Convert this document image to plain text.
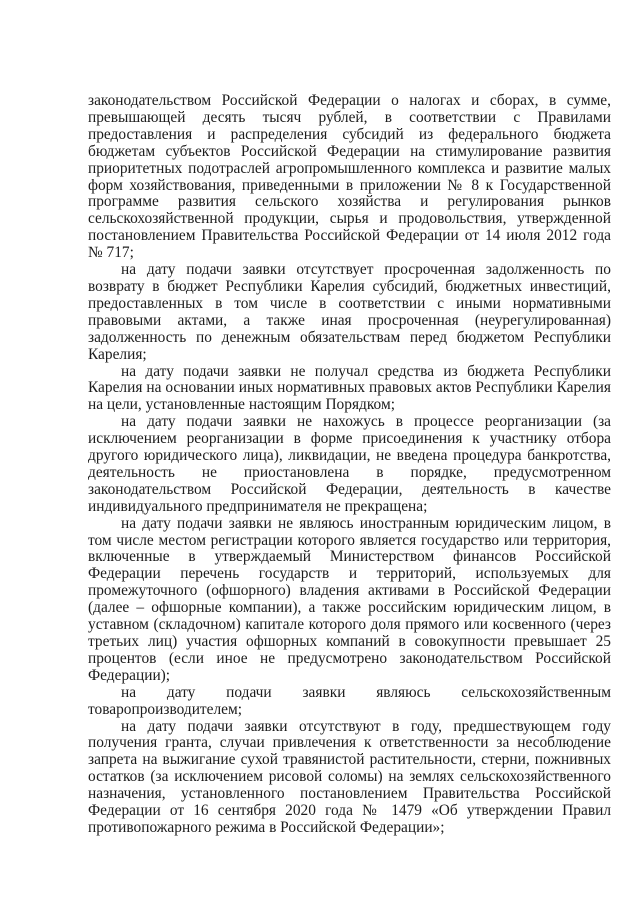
законодательством Российской Федерации о налогах и сборах, в сумме, превышающей десять тысяч рублей, в соответствии с Правилами предоставления и распределения субсидий из федерального бюджета бюджетам субъектов Российской Федерации на стимулирование развития приоритетных подотраслей агропромышленного комплекса и развитие малых форм хозяйствования, приведенными в приложении № 8 к Государственной программе развития сельского хозяйства и регулирования рынков сельскохозяйственной продукции, сырья и продовольствия, утвержденной постановлением Правительства Российской Федерации от 14 июля 2012 года № 717;

на дату подачи заявки отсутствует просроченная задолженность по возврату в бюджет Республики Карелия субсидий, бюджетных инвестиций, предоставленных в том числе в соответствии с иными нормативными правовыми актами, а также иная просроченная (неурегулированная) задолженность по денежным обязательствам перед бюджетом Республики Карелия;

на дату подачи заявки не получал средства из бюджета Республики Карелия на основании иных нормативных правовых актов Республики Карелия на цели, установленные настоящим Порядком;

на дату подачи заявки не нахожусь в процессе реорганизации (за исключением реорганизации в форме присоединения к участнику отбора другого юридического лица), ликвидации, не введена процедура банкротства, деятельность не приостановлена в порядке, предусмотренном законодательством Российской Федерации, деятельность в качестве индивидуального предпринимателя не прекращена;

на дату подачи заявки не являюсь иностранным юридическим лицом, в том числе местом регистрации которого является государство или территория, включенные в утверждаемый Министерством финансов Российской Федерации перечень государств и территорий, используемых для промежуточного (офшорного) владения активами в Российской Федерации (далее – офшорные компании), а также российским юридическим лицом, в уставном (складочном) капитале которого доля прямого или косвенного (через третьих лиц) участия офшорных компаний в совокупности превышает 25 процентов (если иное не предусмотрено законодательством Российской Федерации);

на дату подачи заявки являюсь сельскохозяйственным товаропроизводителем;

на дату подачи заявки отсутствуют в году, предшествующем году получения гранта, случаи привлечения к ответственности за несоблюдение запрета на выжигание сухой травянистой растительности, стерни, пожнивных остатков (за исключением рисовой соломы) на землях сельскохозяйственного назначения, установленного постановлением Правительства Российской Федерации от 16 сентября 2020 года № 1479 «Об утверждении Правил противопожарного режима в Российской Федерации»;
